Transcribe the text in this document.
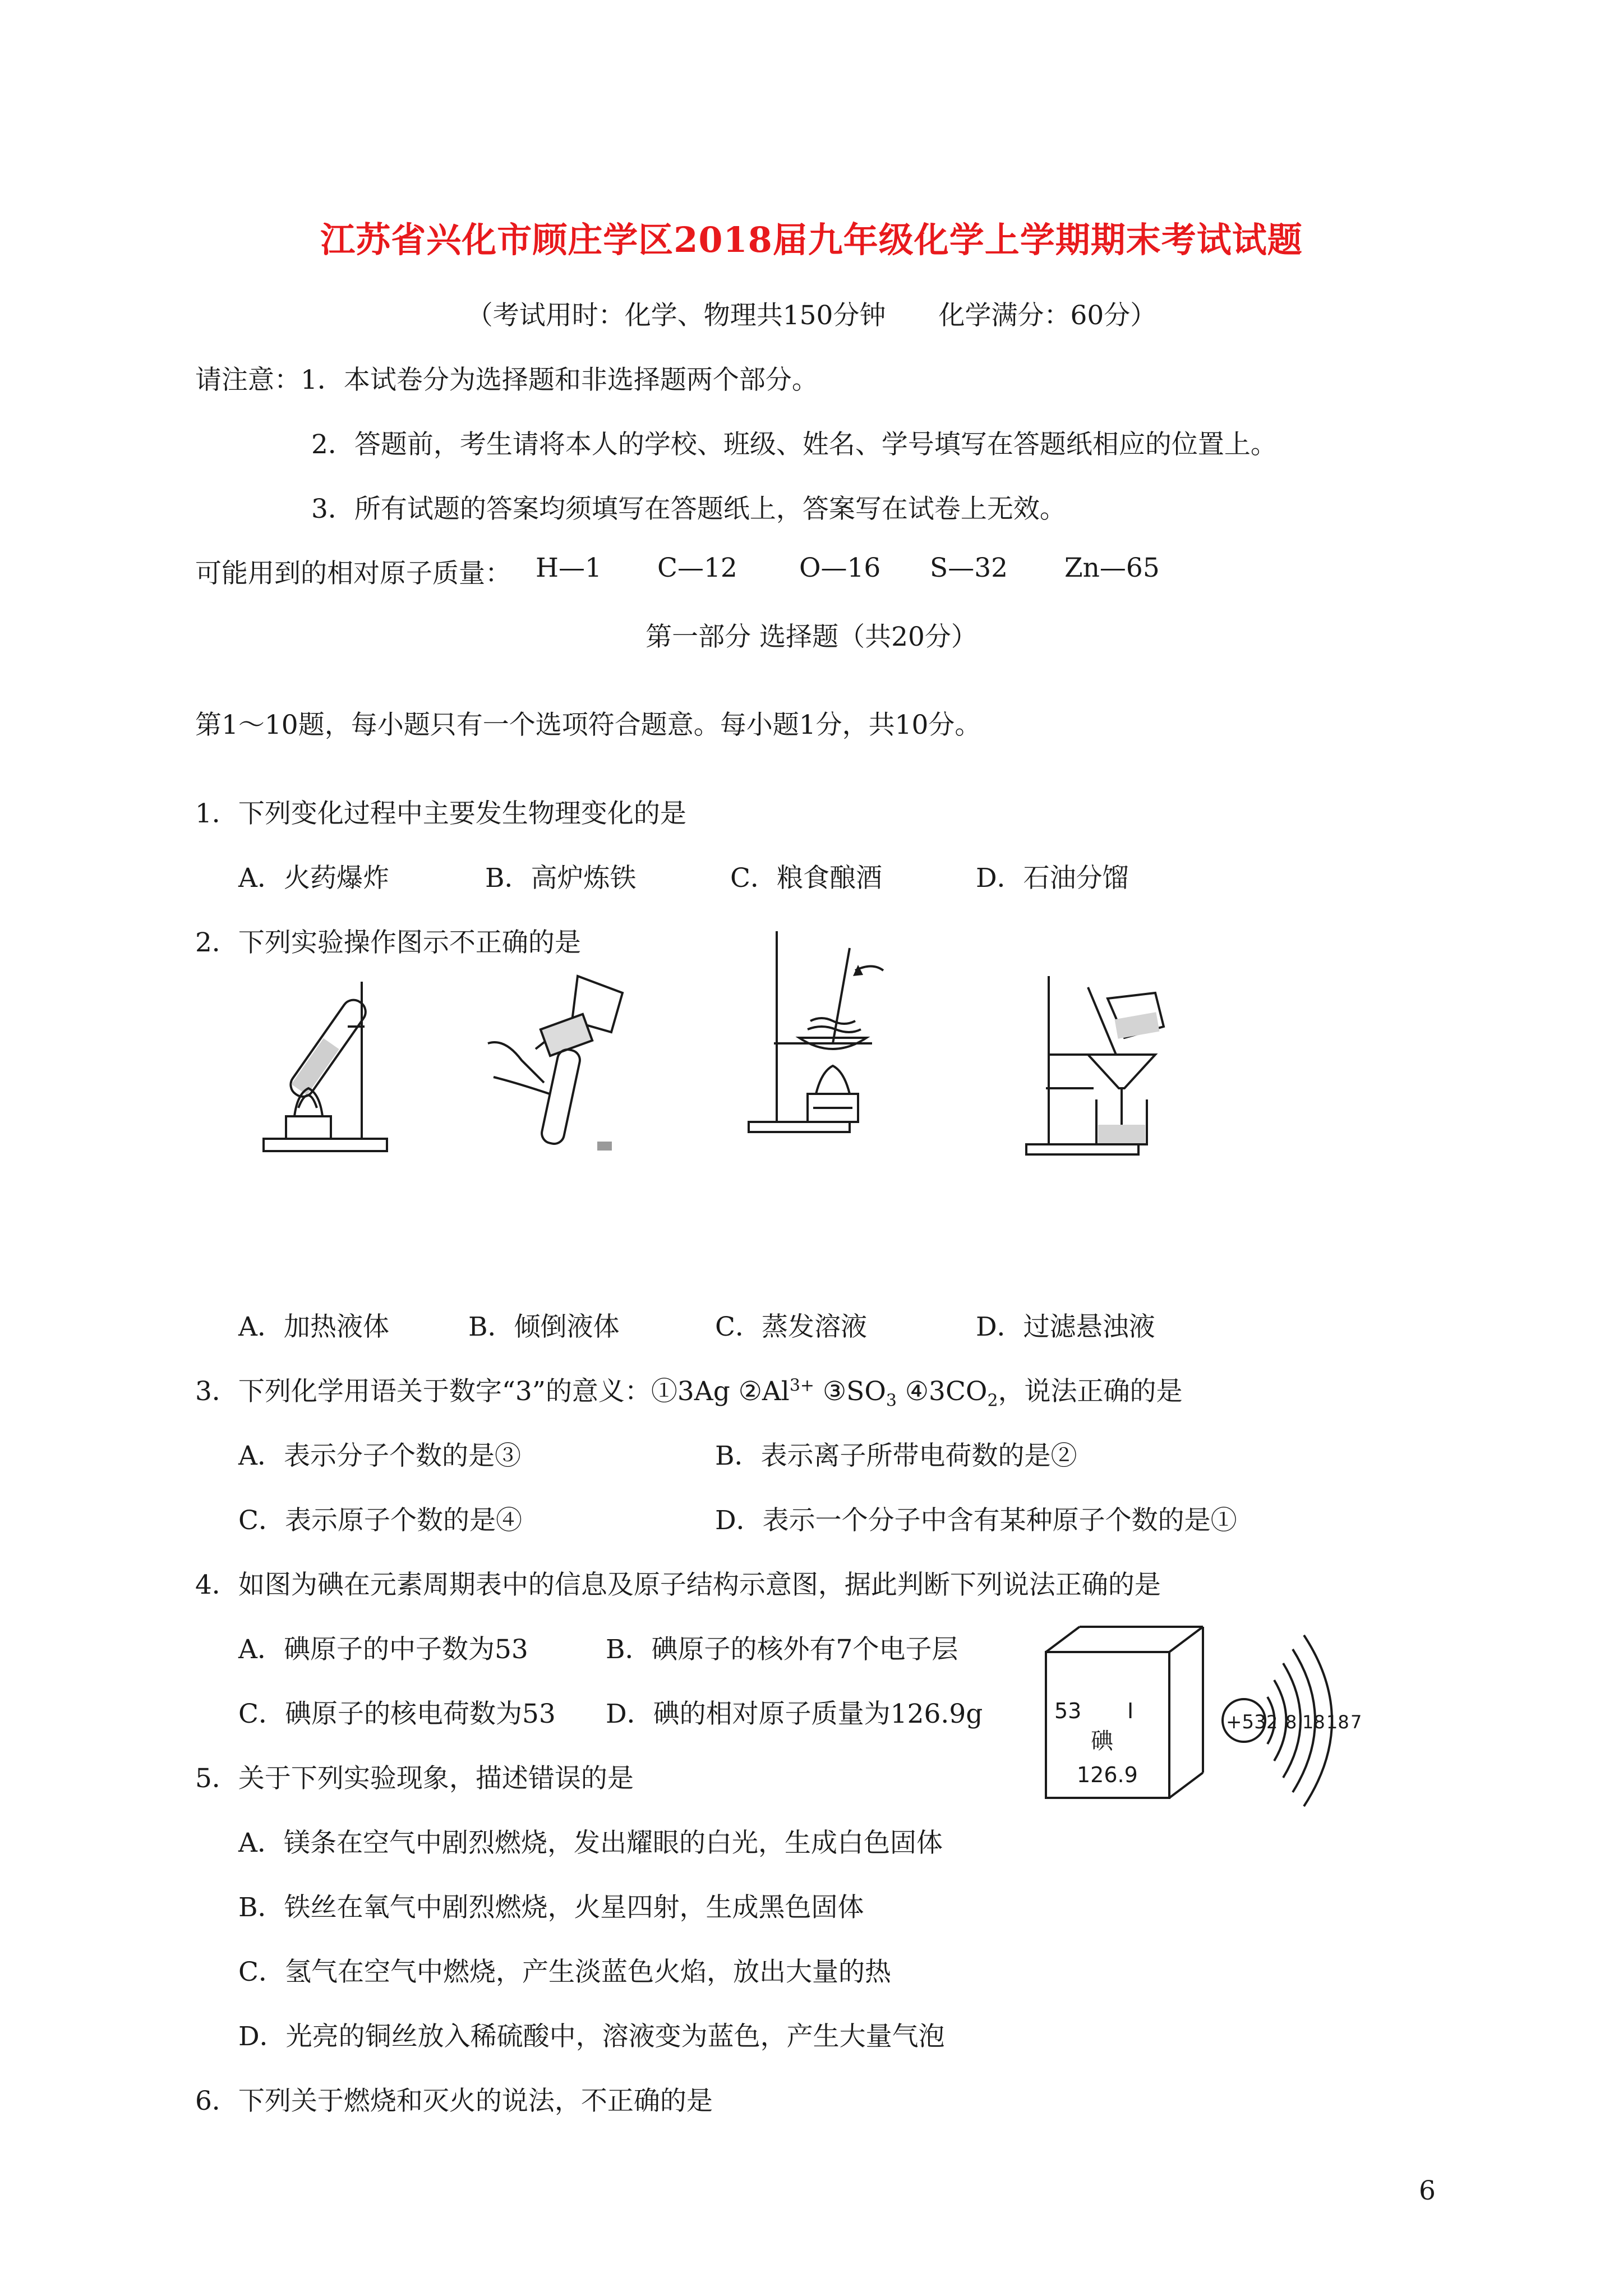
江苏省兴化市顾庄学区2018届九年级化学上学期期末考试试题
（考试用时：化学、物理共150分钟　　化学满分：60分）
请注意：1．本试卷分为选择题和非选择题两个部分。
2．答题前，考生请将本人的学校、班级、姓名、学号填写在答题纸相应的位置上。
3．所有试题的答案均须填写在答题纸上，答案写在试卷上无效。
可能用到的相对原子质量： H—1 C—12 O—16 S—32 Zn—65
第一部分 选择题（共20分）
第1～10题，每小题只有一个选项符合题意。每小题1分，共10分。
1．下列变化过程中主要发生物理变化的是
A．火药爆炸	B．高炉炼铁	C．粮食酿酒	D．石油分馏
2．下列实验操作图示不正确的是
A．加热液体	B．倾倒液体	C．蒸发溶液	D．过滤悬浊液
3．下列化学用语关于数字“3”的意义：①3Ag $②Al^{3+}$ $③SO_3$ $④3CO_2$，说法正确的是
A．表示分子个数的是③	B．表示离子所带电荷数的是②
C．表示原子个数的是④	D．表示一个分子中含有某种原子个数的是①
4．如图为碘在元素周期表中的信息及原子结构示意图，据此判断下列说法正确的是
A．碘原子的中子数为53	B．碘原子的核外有7个电子层
C．碘原子的核电荷数为53 D．碘的相对原子质量为126.9g	53 I
碘
126.9
+53 2 8 18 18 7
5．关于下列实验现象，描述错误的是
A．镁条在空气中剧烈燃烧，发出耀眼的白光，生成白色固体
B．铁丝在氧气中剧烈燃烧，火星四射，生成黑色固体
C．氢气在空气中燃烧，产生淡蓝色火焰，放出大量的热
D．光亮的铜丝放入稀硫酸中，溶液变为蓝色，产生大量气泡
6．下列关于燃烧和灭火的说法，不正确的是
6
